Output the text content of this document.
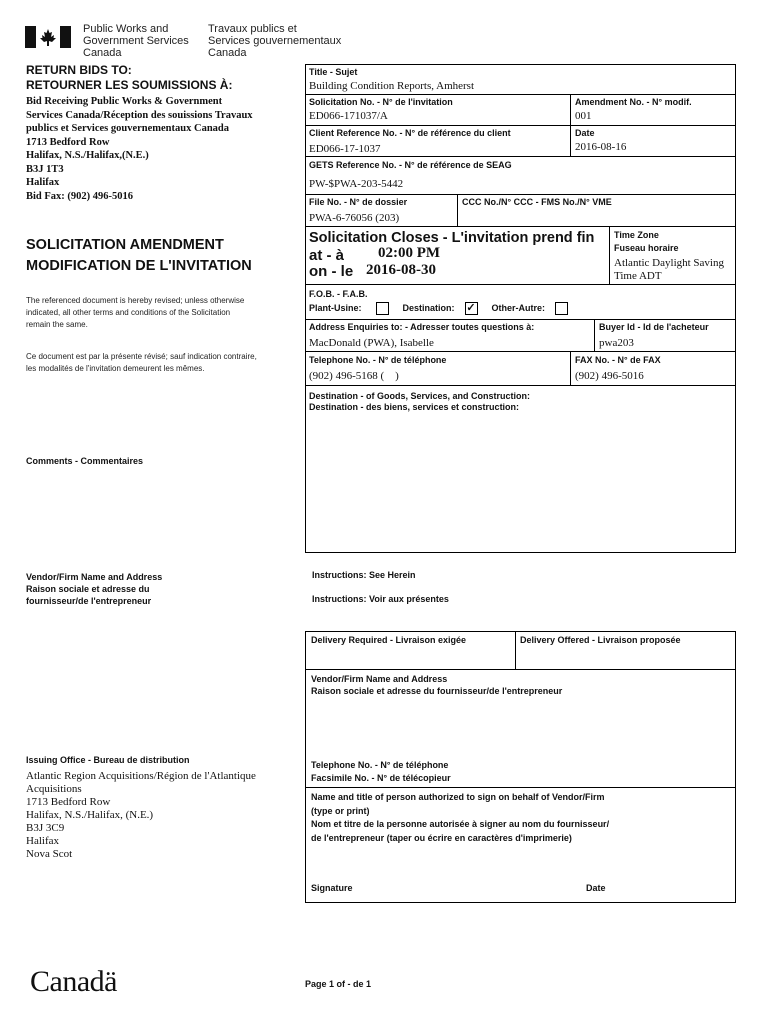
Public Works and
Government Services
Canada
Travaux publics et
Services gouvernementaux
Canada
RETURN BIDS TO:
RETOURNER LES SOUMISSIONS À:
Bid Receiving Public Works & Government
Services Canada/Réception des souissions Travaux
publics et Services gouvernementaux Canada
1713 Bedford Row
Halifax, N.S./Halifax,(N.E.)
B3J 1T3
Halifax
Bid Fax: (902) 496-5016
SOLICITATION AMENDMENT
MODIFICATION DE L'INVITATION
The referenced document is hereby revised; unless otherwise
indicated, all other terms and conditions of the Solicitation
remain the same.
Ce document est par la présente révisé; sauf indication contraire,
les modalités de l'invitation demeurent les mêmes.
Comments - Commentaires
Vendor/Firm Name and Address
Raison sociale et adresse du
fournisseur/de l'entrepreneur
Issuing Office - Bureau de distribution
Atlantic Region Acquisitions/Région de l'Atlantique
Acquisitions
1713 Bedford Row
Halifax, N.S./Halifax, (N.E.)
B3J 3C9
Halifax
Nova Scot
Title - Sujet
Building Condition Reports, Amherst
Solicitation No. - N° de l'invitation
ED066-171037/A
Amendment No. - N° modif.
001
Client Reference No. - N° de référence du client
ED066-17-1037
Date
2016-08-16
GETS Reference No. - N° de référence de SEAG
PW-$PWA-203-5442
File No. - N° de dossier
PWA-6-76056 (203)
CCC No./N° CCC - FMS No./N° VME
Solicitation Closes - L'invitation prend fin
at - à 02:00 PM
on - le 2016-08-30
Time Zone
Fuseau horaire
Atlantic Daylight Saving
Time ADT
F.O.B. - F.A.B.
Plant-Usine:	Destination: ✓ Other-Autre:
Address Enquiries to: - Adresser toutes questions à:
MacDonald (PWA), Isabelle
Buyer Id - Id de l'acheteur
pwa203
Telephone No. - N° de téléphone
(902) 496-5168 (    )
FAX No. - N° de FAX
(902) 496-5016
Destination - of Goods, Services, and Construction:
Destination - des biens, services et construction:
Instructions: See Herein
Instructions: Voir aux présentes
Delivery Required - Livraison exigée	Delivery Offered - Livraison proposée
Vendor/Firm Name and Address
Raison sociale et adresse du fournisseur/de l'entrepreneur
Telephone No. - N° de téléphone
Facsimile No. - N° de télécopieur
Name and title of person authorized to sign on behalf of Vendor/Firm
(type or print)
Nom et titre de la personne autorisée à signer au nom du fournisseur/
de l'entrepreneur (taper ou écrire en caractères d'imprimerie)
Signature	Date
Canadä	Page 1 of - de 1
